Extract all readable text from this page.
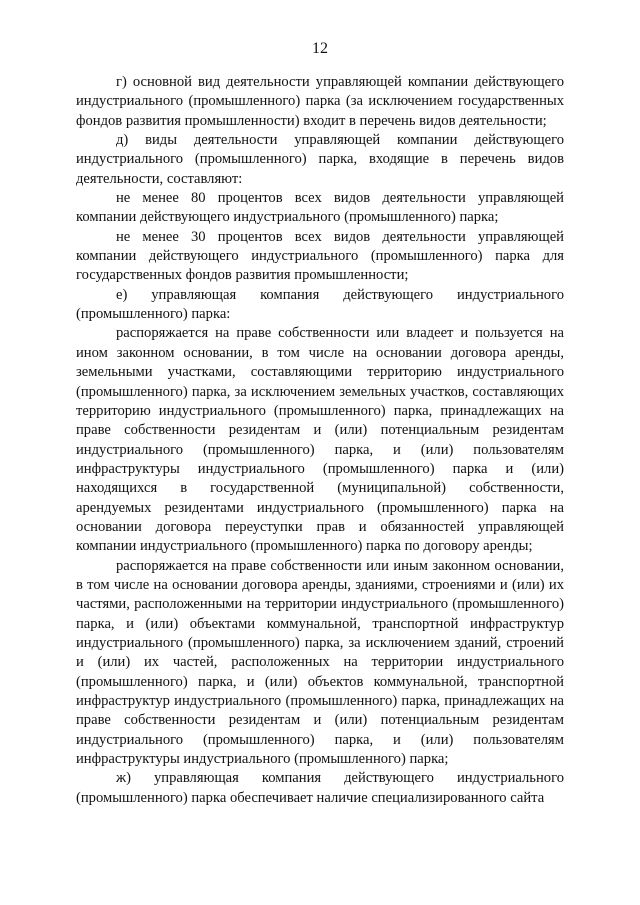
12

г) основной вид деятельности управляющей компании действующего индустриального (промышленного) парка (за исключением государственных фондов развития промышленности) входит в перечень видов деятельности;

д) виды деятельности управляющей компании действующего индустриального (промышленного) парка, входящие в перечень видов деятельности, составляют:

не менее 80 процентов всех видов деятельности управляющей компании действующего индустриального (промышленного) парка;

не менее 30 процентов всех видов деятельности управляющей компании действующего индустриального (промышленного) парка для государственных фондов развития промышленности;

е) управляющая компания действующего индустриального (промышленного) парка:

распоряжается на праве собственности или владеет и пользуется на ином законном основании, в том числе на основании договора аренды, земельными участками, составляющими территорию индустриального (промышленного) парка, за исключением земельных участков, составляющих территорию индустриального (промышленного) парка, принадлежащих на праве собственности резидентам и (или) потенциальным резидентам индустриального (промышленного) парка, и (или) пользователям инфраструктуры индустриального (промышленного) парка и (или) находящихся в государственной (муниципальной) собственности, арендуемых резидентами индустриального (промышленного) парка на основании договора переуступки прав и обязанностей управляющей компании индустриального (промышленного) парка по договору аренды;

распоряжается на праве собственности или иным законном основании, в том числе на основании договора аренды, зданиями, строениями и (или) их частями, расположенными на территории индустриального (промышленного) парка, и (или) объектами коммунальной, транспортной инфраструктур индустриального (промышленного) парка, за исключением зданий, строений и (или) их частей, расположенных на территории индустриального (промышленного) парка, и (или) объектов коммунальной, транспортной инфраструктур индустриального (промышленного) парка, принадлежащих на праве собственности резидентам и (или) потенциальным резидентам индустриального (промышленного) парка, и (или) пользователям инфраструктуры индустриального (промышленного) парка;

ж) управляющая компания действующего индустриального (промышленного) парка обеспечивает наличие специализированного сайта
